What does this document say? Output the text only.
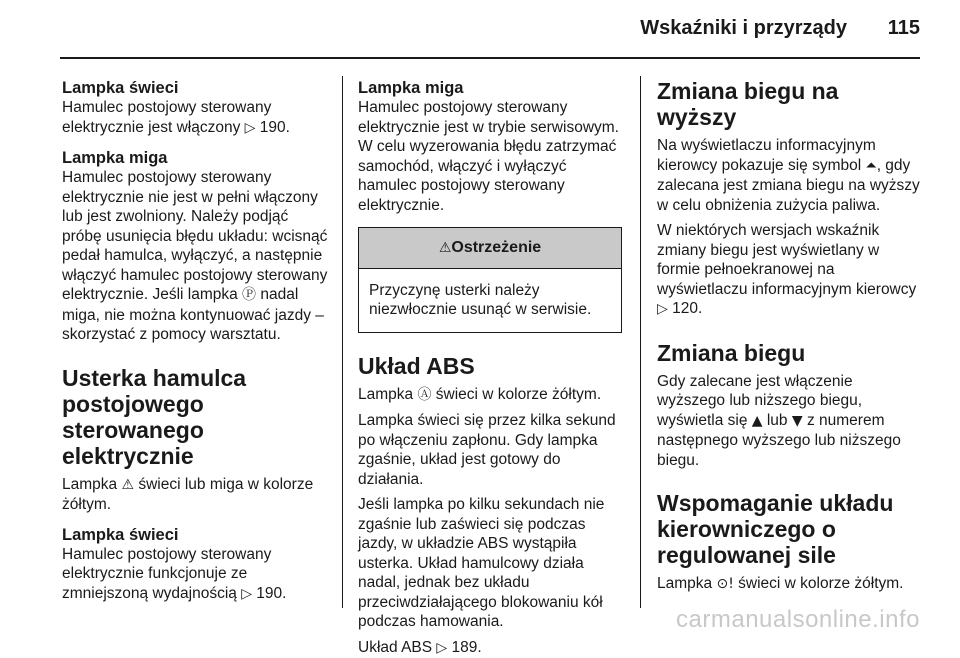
Wskaźniki i przyrządy 115
Lampka świeci

Hamulec postojowy sterowany elektrycznie jest włączony ▷ 190.

Lampka miga

Hamulec postojowy sterowany elektrycznie nie jest w pełni włączony lub jest zwolniony. Należy podjąć próbę usunięcia błędu układu: wcisnąć pedał hamulca, wyłączyć, a następnie włączyć hamulec postojowy sterowany elektrycznie. Jeśli lampka Ⓟ nadal miga, nie można kontynuować jazdy – skorzystać z pomocy warsztatu.

Usterka hamulca postojowego sterowanego elektrycznie

Lampka ⚠ świeci lub miga w kolorze żółtym.

Lampka świeci

Hamulec postojowy sterowany elektrycznie funkcjonuje ze zmniejszoną wydajnością ▷ 190.

Lampka miga

Hamulec postojowy sterowany elektrycznie jest w trybie serwisowym. W celu wyzerowania błędu zatrzymać samochód, włączyć i wyłączyć hamulec postojowy sterowany elektrycznie.

⚠Ostrzeżenie
Przyczynę usterki należy niezwłocznie usunąć w serwisie.
Układ ABS

Lampka Ⓐ świeci w kolorze żółtym.

Lampka świeci się przez kilka sekund po włączeniu zapłonu. Gdy lampka zgaśnie, układ jest gotowy do działania.

Jeśli lampka po kilku sekundach nie zgaśnie lub zaświeci się podczas jazdy, w układzie ABS wystąpiła usterka. Układ hamulcowy działa nadal, jednak bez układu przeciwdziałającego blokowaniu kół podczas hamowania.

Układ ABS ▷ 189.

Zmiana biegu na wyższy

Na wyświetlaczu informacyjnym kierowcy pokazuje się symbol ⏶, gdy zalecana jest zmiana biegu na wyższy w celu obniżenia zużycia paliwa.

W niektórych wersjach wskaźnik zmiany biegu jest wyświetlany w formie pełnoekranowej na wyświetlaczu informacyjnym kierowcy ▷ 120.

Zmiana biegu

Gdy zalecane jest włączenie wyższego lub niższego biegu, wyświetla się ▲ lub ▼ z numerem następnego wyższego lub niższego biegu.

Wspomaganie układu kierowniczego o regulowanej sile

Lampka ⊙! świeci w kolorze żółtym.

carmanualsonline.info
